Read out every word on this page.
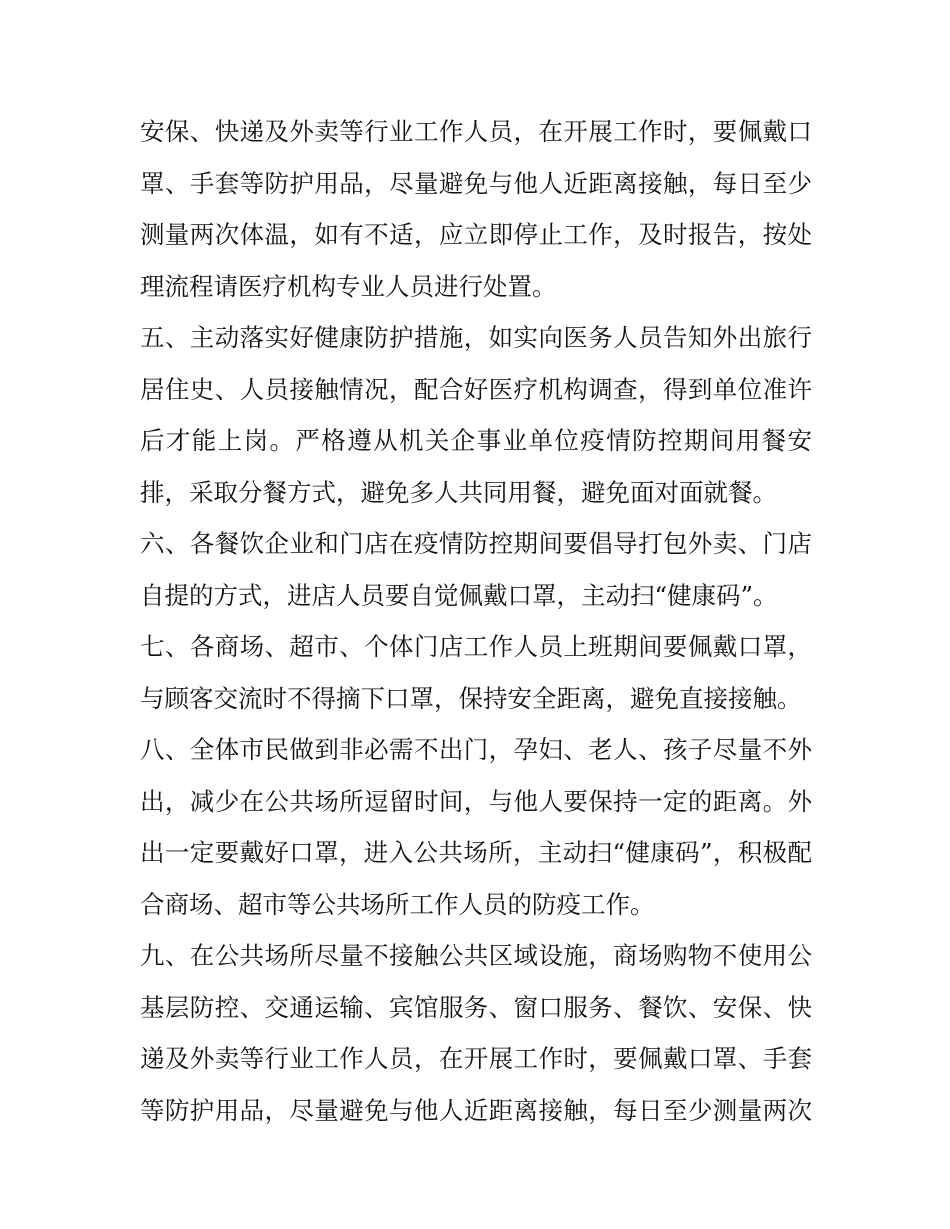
安保、快递及外卖等行业工作人员，在开展工作时，要佩戴口
罩、手套等防护用品，尽量避免与他人近距离接触，每日至少
测量两次体温，如有不适，应立即停止工作，及时报告，按处
理流程请医疗机构专业人员进行处置。
五、主动落实好健康防护措施，如实向医务人员告知外出旅行
居住史、人员接触情况，配合好医疗机构调查，得到单位准许
后才能上岗。严格遵从机关企事业单位疫情防控期间用餐安
排，采取分餐方式，避免多人共同用餐，避免面对面就餐。
六、各餐饮企业和门店在疫情防控期间要倡导打包外卖、门店
自提的方式，进店人员要自觉佩戴口罩，主动扫“健康码”。
七、各商场、超市、个体门店工作人员上班期间要佩戴口罩，
与顾客交流时不得摘下口罩，保持安全距离，避免直接接触。
八、全体市民做到非必需不出门，孕妇、老人、孩子尽量不外
出，减少在公共场所逗留时间，与他人要保持一定的距离。外
出一定要戴好口罩，进入公共场所，主动扫“健康码”，积极配
合商场、超市等公共场所工作人员的防疫工作。
九、在公共场所尽量不接触公共区域设施，商场购物不使用公
基层防控、交通运输、宾馆服务、窗口服务、餐饮、安保、快
递及外卖等行业工作人员，在开展工作时，要佩戴口罩、手套
等防护用品，尽量避免与他人近距离接触，每日至少测量两次
